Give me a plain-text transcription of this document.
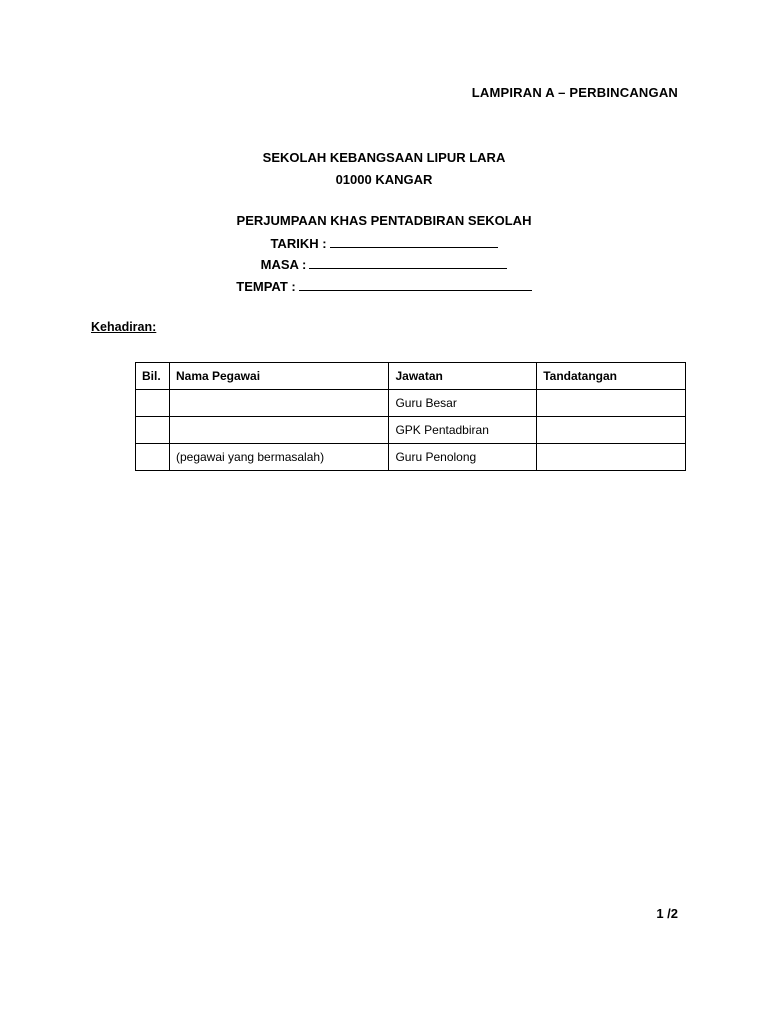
LAMPIRAN A – PERBINCANGAN
SEKOLAH KEBANGSAAN LIPUR LARA
01000 KANGAR
PERJUMPAAN KHAS PENTADBIRAN SEKOLAH
TARIKH :
MASA :
TEMPAT :
Kehadiran:
Bil.	Nama Pegawai	Jawatan	Tandatangan
		Guru Besar	
		GPK Pentadbiran	
	(pegawai yang bermasalah)	Guru Penolong	
1 /2
